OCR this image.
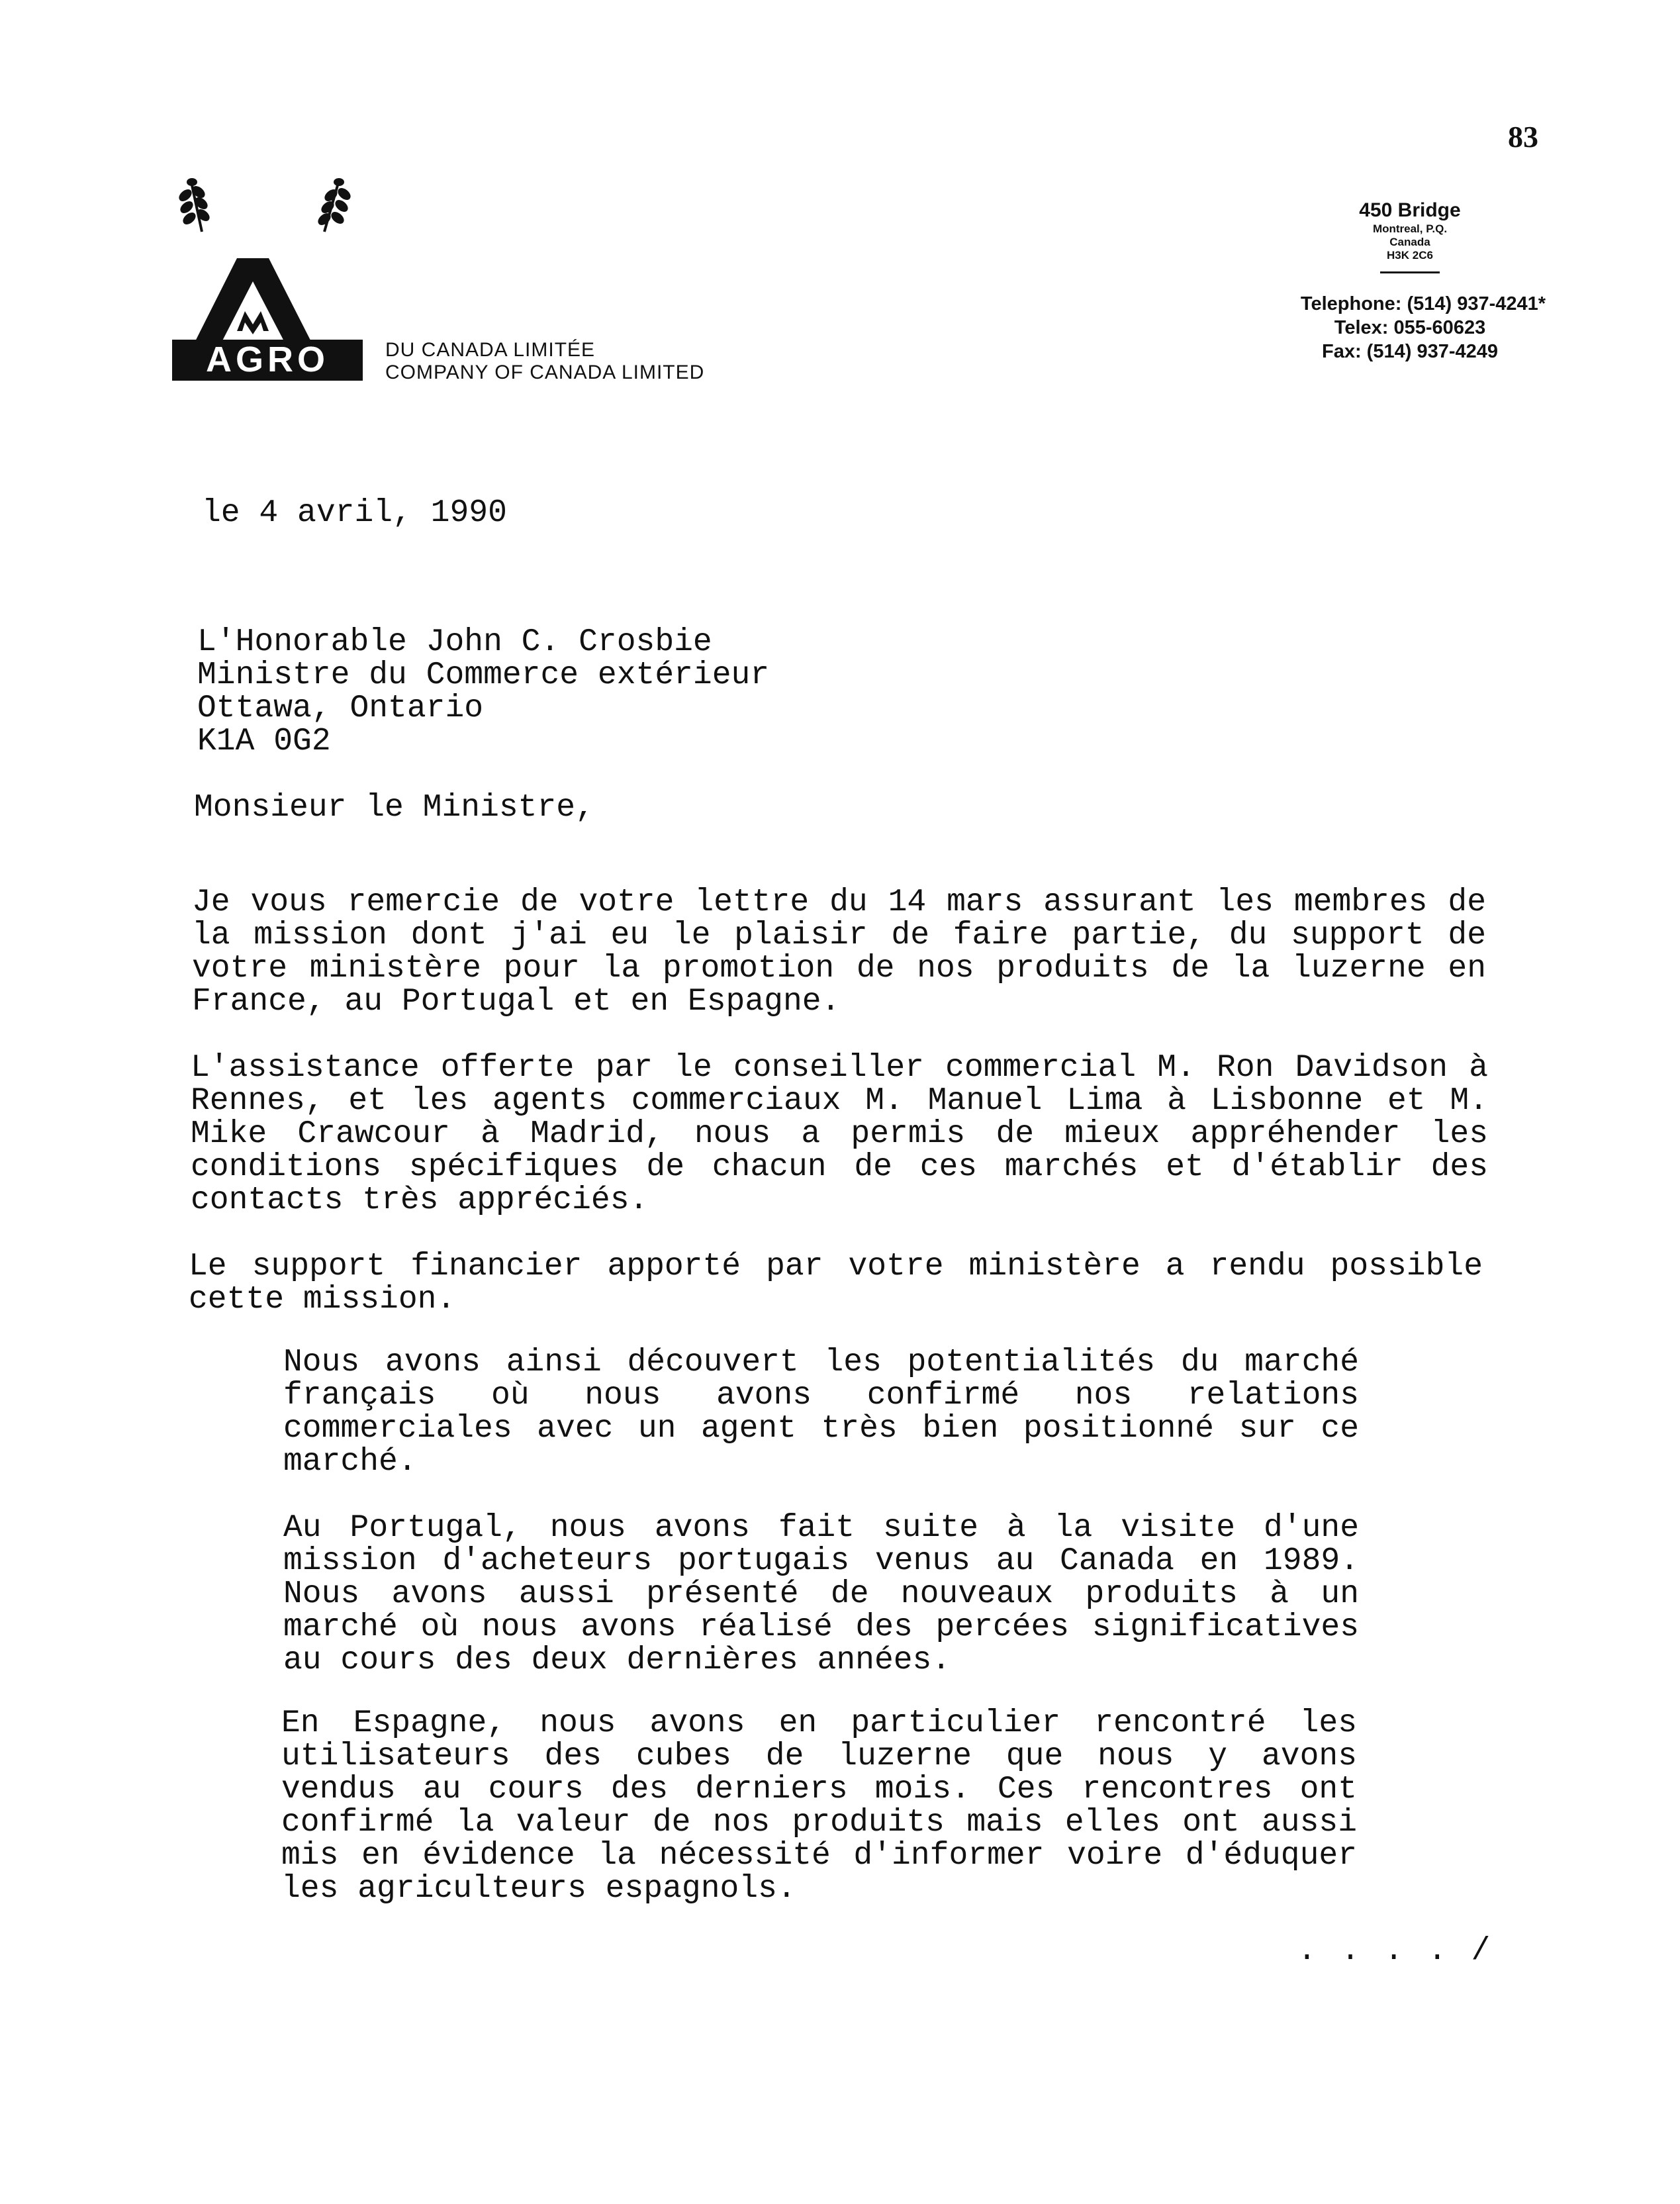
83
AGRO	DU CANADA LIMITÉE
COMPANY OF CANADA LIMITED
450 Bridge
Montreal, P.Q.
Canada
H3K 2C6
Telephone: (514) 937-4241*
Telex: 055-60623
Fax: (514) 937-4249
le 4 avril, 1990
L'Honorable John C. Crosbie
Ministre du Commerce extérieur
Ottawa, Ontario
K1A 0G2
Monsieur le Ministre,

Je vous remercie de votre lettre du 14 mars assurant les membres de la mission dont j'ai eu le plaisir de faire partie, du support de votre ministère pour la promotion de nos produits de la luzerne en France, au Portugal et en Espagne.

L'assistance offerte par le conseiller commercial M. Ron Davidson à Rennes, et les agents commerciaux M. Manuel Lima à Lisbonne et M. Mike Crawcour à Madrid, nous a permis de mieux appréhender les conditions spécifiques de chacun de ces marchés et d'établir des contacts très appréciés.

Le support financier apporté par votre ministère a rendu possible cette mission.

Nous avons ainsi découvert les potentialités du marché français où nous avons confirmé nos relations commerciales avec un agent très bien positionné sur ce marché.

Au Portugal, nous avons fait suite à la visite d'une mission d'acheteurs portugais venus au Canada en 1989. Nous avons aussi présenté de nouveaux produits à un marché où nous avons réalisé des percées significatives au cours des deux dernières années.

En Espagne, nous avons en particulier rencontré les utilisateurs des cubes de luzerne que nous y avons vendus au cours des derniers mois. Ces rencontres ont confirmé la valeur de nos produits mais elles ont aussi mis en évidence la nécessité d'informer voire d'éduquer les agriculteurs espagnols.

. . . . /
